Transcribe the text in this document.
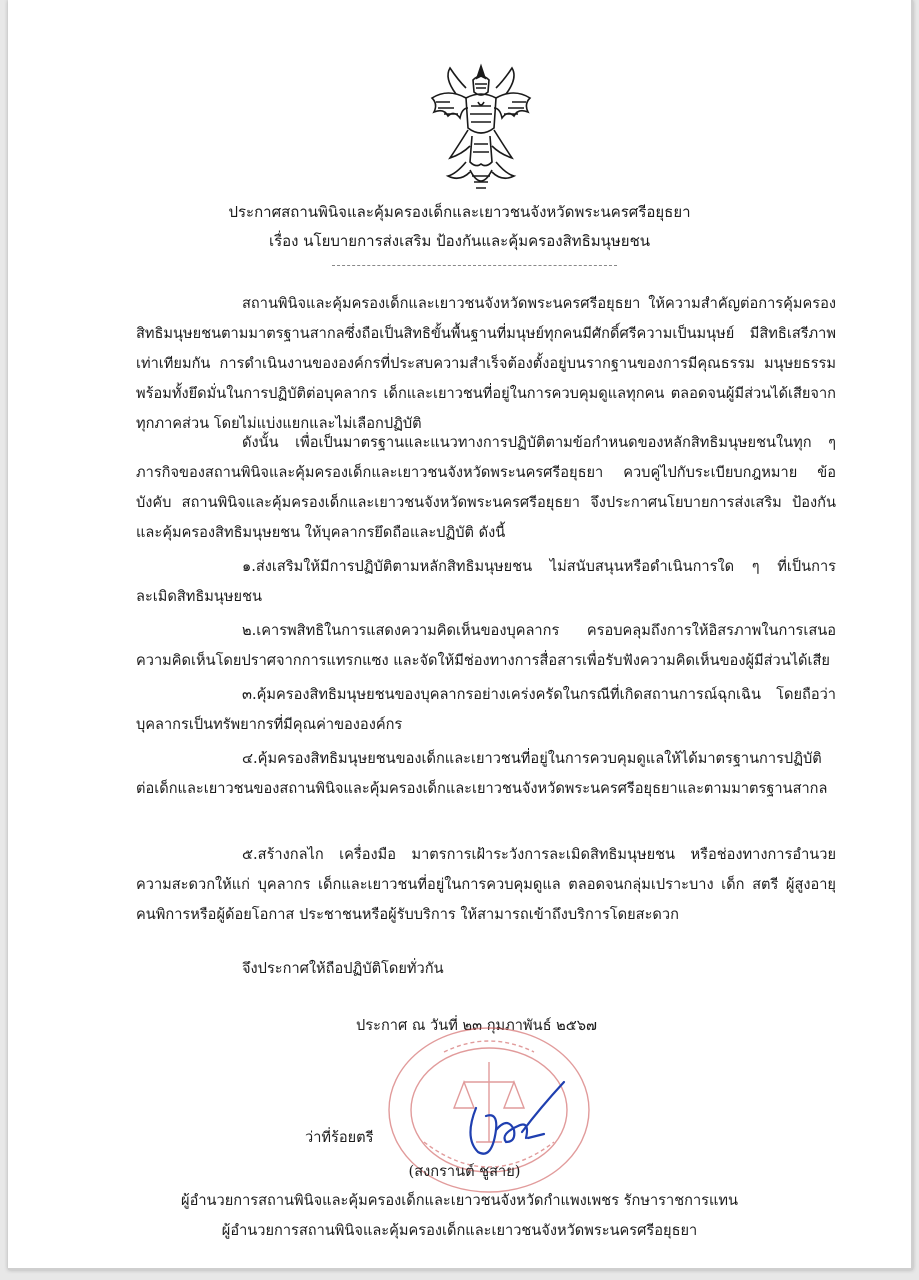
ประกาศสถานพินิจและคุ้มครองเด็กและเยาวชนจังหวัดพระนครศรีอยุธยา
เรื่อง นโยบายการส่งเสริม ป้องกันและคุ้มครองสิทธิมนุษยชน
สถานพินิจและคุ้มครองเด็กและเยาวชนจังหวัดพระนครศรีอยุธยา ให้ความสำคัญต่อการคุ้มครองสิทธิมนุษยชนตามมาตรฐานสากลซึ่งถือเป็นสิทธิขั้นพื้นฐานที่มนุษย์ทุกคนมีศักดิ์ศรีความเป็นมนุษย์ มีสิทธิเสรีภาพเท่าเทียมกัน การดำเนินงานขององค์กรที่ประสบความสำเร็จต้องตั้งอยู่บนรากฐานของการมีคุณธรรม มนุษยธรรม พร้อมทั้งยึดมั่นในการปฏิบัติต่อบุคลากร เด็กและเยาวชนที่อยู่ในการควบคุมดูแลทุกคน ตลอดจนผู้มีส่วนได้เสียจากทุกภาคส่วน โดยไม่แบ่งแยกและไม่เลือกปฏิบัติ
ดังนั้น เพื่อเป็นมาตรฐานและแนวทางการปฏิบัติตามข้อกำหนดของหลักสิทธิมนุษยชนในทุก ๆ ภารกิจของสถานพินิจและคุ้มครองเด็กและเยาวชนจังหวัดพระนครศรีอยุธยา ควบคู่ไปกับระเบียบกฎหมาย ข้อบังคับ สถานพินิจและคุ้มครองเด็กและเยาวชนจังหวัดพระนครศรีอยุธยา จึงประกาศนโยบายการส่งเสริม ป้องกันและคุ้มครองสิทธิมนุษยชน ให้บุคลากรยึดถือและปฏิบัติ ดังนี้
๑.ส่งเสริมให้มีการปฏิบัติตามหลักสิทธิมนุษยชน ไม่สนับสนุนหรือดำเนินการใด ๆ ที่เป็นการละเมิดสิทธิมนุษยชน
๒.เคารพสิทธิในการแสดงความคิดเห็นของบุคลากร ครอบคลุมถึงการให้อิสรภาพในการเสนอความคิดเห็นโดยปราศจากการแทรกแซง และจัดให้มีช่องทางการสื่อสารเพื่อรับฟังความคิดเห็นของผู้มีส่วนได้เสีย
๓.คุ้มครองสิทธิมนุษยชนของบุคลากรอย่างเคร่งครัดในกรณีที่เกิดสถานการณ์ฉุกเฉิน โดยถือว่าบุคลากรเป็นทรัพยากรที่มีคุณค่าขององค์กร
๔.คุ้มครองสิทธิมนุษยชนของเด็กและเยาวชนที่อยู่ในการควบคุมดูแลให้ได้มาตรฐานการปฏิบัติต่อเด็กและเยาวชนของสถานพินิจและคุ้มครองเด็กและเยาวชนจังหวัดพระนครศรีอยุธยาและตามมาตรฐานสากล
๕.สร้างกลไก เครื่องมือ มาตรการเฝ้าระวังการละเมิดสิทธิมนุษยชน หรือช่องทางการอำนวยความสะดวกให้แก่ บุคลากร เด็กและเยาวชนที่อยู่ในการควบคุมดูแล ตลอดจนกลุ่มเปราะบาง เด็ก สตรี ผู้สูงอายุ คนพิการหรือผู้ด้อยโอกาส ประชาชนหรือผู้รับบริการ ให้สามารถเข้าถึงบริการโดยสะดวก
จึงประกาศให้ถือปฏิบัติโดยทั่วกัน
ประกาศ ณ วันที่ ๒๓ กุมภาพันธ์ ๒๕๖๗
ว่าที่ร้อยตรี
(สงกรานต์ ชูสาย)
ผู้อำนวยการสถานพินิจและคุ้มครองเด็กและเยาวชนจังหวัดกำแพงเพชร รักษาราชการแทน
ผู้อำนวยการสถานพินิจและคุ้มครองเด็กและเยาวชนจังหวัดพระนครศรีอยุธยา
